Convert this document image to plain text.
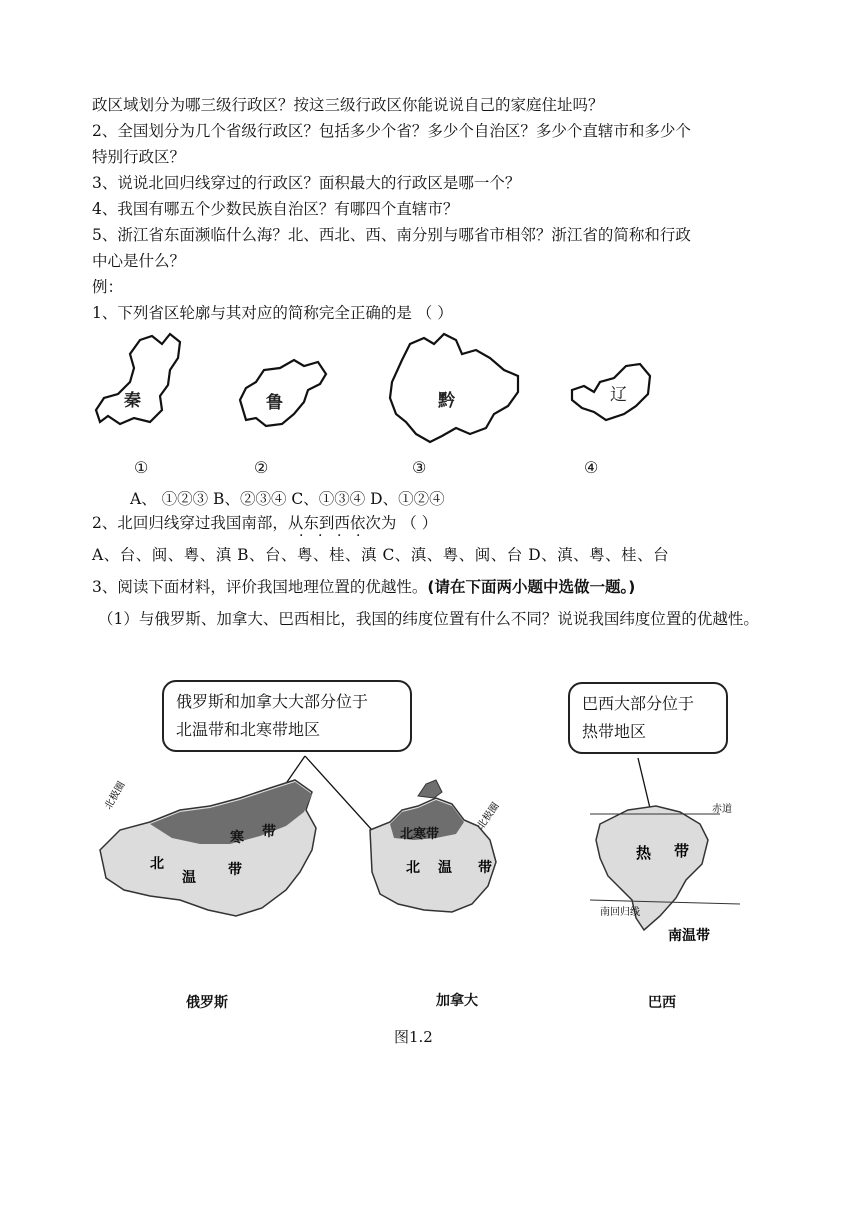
政区域划分为哪三级行政区？按这三级行政区你能说说自己的家庭住址吗？
2、全国划分为几个省级行政区？包括多少个省？多少个自治区？多少个直辖市和多少个
特别行政区？
3、说说北回归线穿过的行政区？面积最大的行政区是哪一个？
4、我国有哪五个少数民族自治区？有哪四个直辖市？
5、浙江省东面濒临什么海？北、西北、西、南分别与哪省市相邻？浙江省的简称和行政
中心是什么？
例：
1、下列省区轮廓与其对应的简称完全正确的是 （ ）
秦	鲁	黔	辽
①	②	③	④
A、 ①②③ B、②③④ C、①③④ D、①②④
2、北回归线穿过我国南部，从东到西依次为 （ ）
· · · ·
A、台、闽、粤、滇 B、台、粤、桂、滇 C、滇、粤、闽、台 D、滇、粤、桂、台
3、阅读下面材料，评价我国地理位置的优越性。(请在下面两小题中选做一题。)
（1）与俄罗斯、加拿大、巴西相比，我国的纬度位置有什么不同？说说我国纬度位置的优越性。
俄罗斯和加拿大大部分位于
北温带和北寒带地区
巴西大部分位于
热带地区
北极圈
寒 带
北
温 带
北极圈
北寒带
北 温 带
赤道
南回归线
热 带
南温带
俄罗斯	加拿大	巴西
图1.2
